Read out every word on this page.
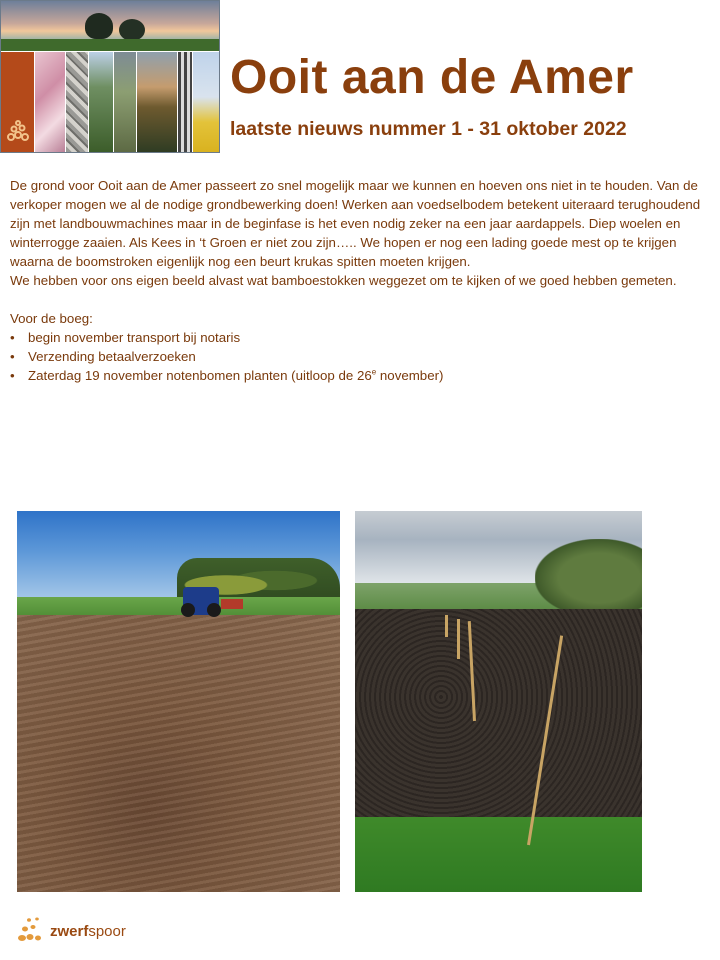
Ooit aan de Amer
laatste nieuws nummer 1 - 31 oktober 2022

De grond voor Ooit aan de Amer passeert zo snel mogelijk maar we kunnen en hoeven ons niet in te houden. Van de verkoper mogen we al de nodige grondbewerking doen! Werken aan voedselbodem betekent uiteraard terughoudend zijn met landbouwmachines maar in de beginfase is het even nodig zeker na een jaar aardappels. Diep woelen en winterrogge zaaien. Als Kees in ‘t Groen er niet zou zijn….. We hopen er nog een lading goede mest op te krijgen waarna de boomstroken eigenlijk nog een beurt krukas spitten moeten krijgen.

We hebben voor ons eigen beeld alvast wat bamboestokken weggezet om te kijken of we goed hebben gemeten.

Voor de boeg:

• begin november transport bij notaris
• Verzending betaalverzoeken
• Zaterdag 19 november notenbomen planten (uitloop de 26e november)
zwerfspoor
